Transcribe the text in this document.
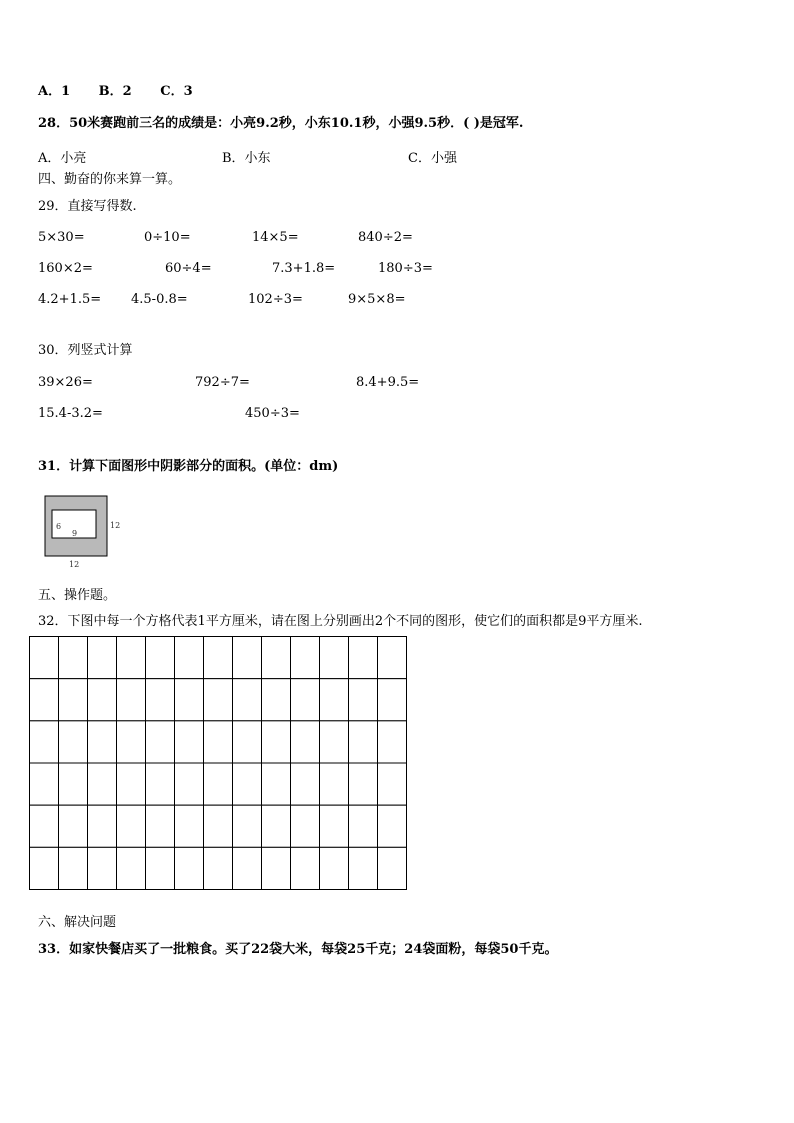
A．1 B．2 C．3
28．50米赛跑前三名的成绩是：小亮9.2秒，小东10.1秒，小强9.5秒．( )是冠军.
A．小亮	B．小东	C．小强
四、勤奋的你来算一算。
29．直接写得数.
5×30=	0÷10=	14×5=	840÷2=
160×2=	60÷4=	7.3+1.8=	180÷3=
4.2+1.5= 4.5-0.8=	102÷3=	9×5×8=
30．列竖式计算
39×26=	792÷7=	8.4+9.5=
15.4-3.2=	450÷3=
31．计算下面图形中阴影部分的面积。(单位：dm)
6
9
12
12
五、操作题。
32．下图中每一个方格代表1平方厘米，请在图上分别画出2个不同的图形，使它们的面积都是9平方厘米.
六、解决问题
33．如家快餐店买了一批粮食。买了22袋大米，每袋25千克；24袋面粉，每袋50千克。
